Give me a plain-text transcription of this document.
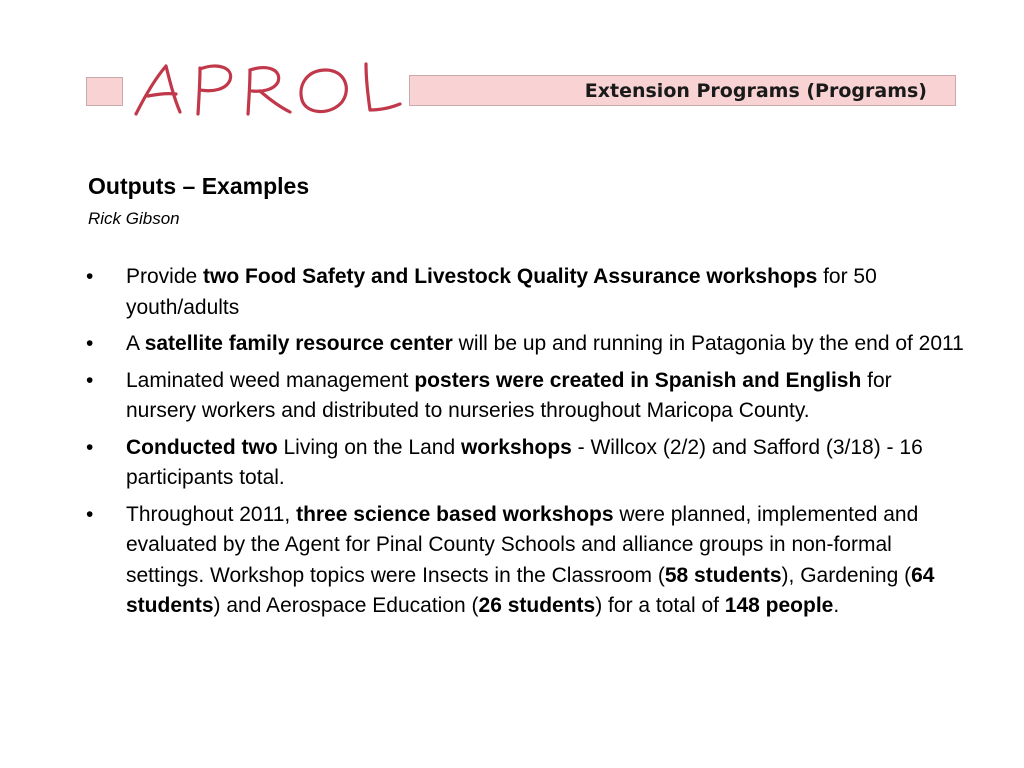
Extension Programs (Programs)
Outputs – Examples
Rick Gibson
•	Provide two Food Safety and Livestock Quality Assurance workshops for 50 youth/adults
•	A satellite family resource center will be up and running in Patagonia by the end of 2011
•	Laminated weed management posters were created in Spanish and English for nursery workers and distributed to nurseries throughout Maricopa County.
•	Conducted two Living on the Land workshops - Willcox (2/2) and Safford (3/18) - 16 participants total.
•	Throughout 2011, three science based workshops were planned, implemented and evaluated by the Agent for Pinal County Schools and alliance groups in non-formal settings. Workshop topics were Insects in the Classroom (58 students), Gardening (64 students) and Aerospace Education (26 students) for a total of 148 people.
